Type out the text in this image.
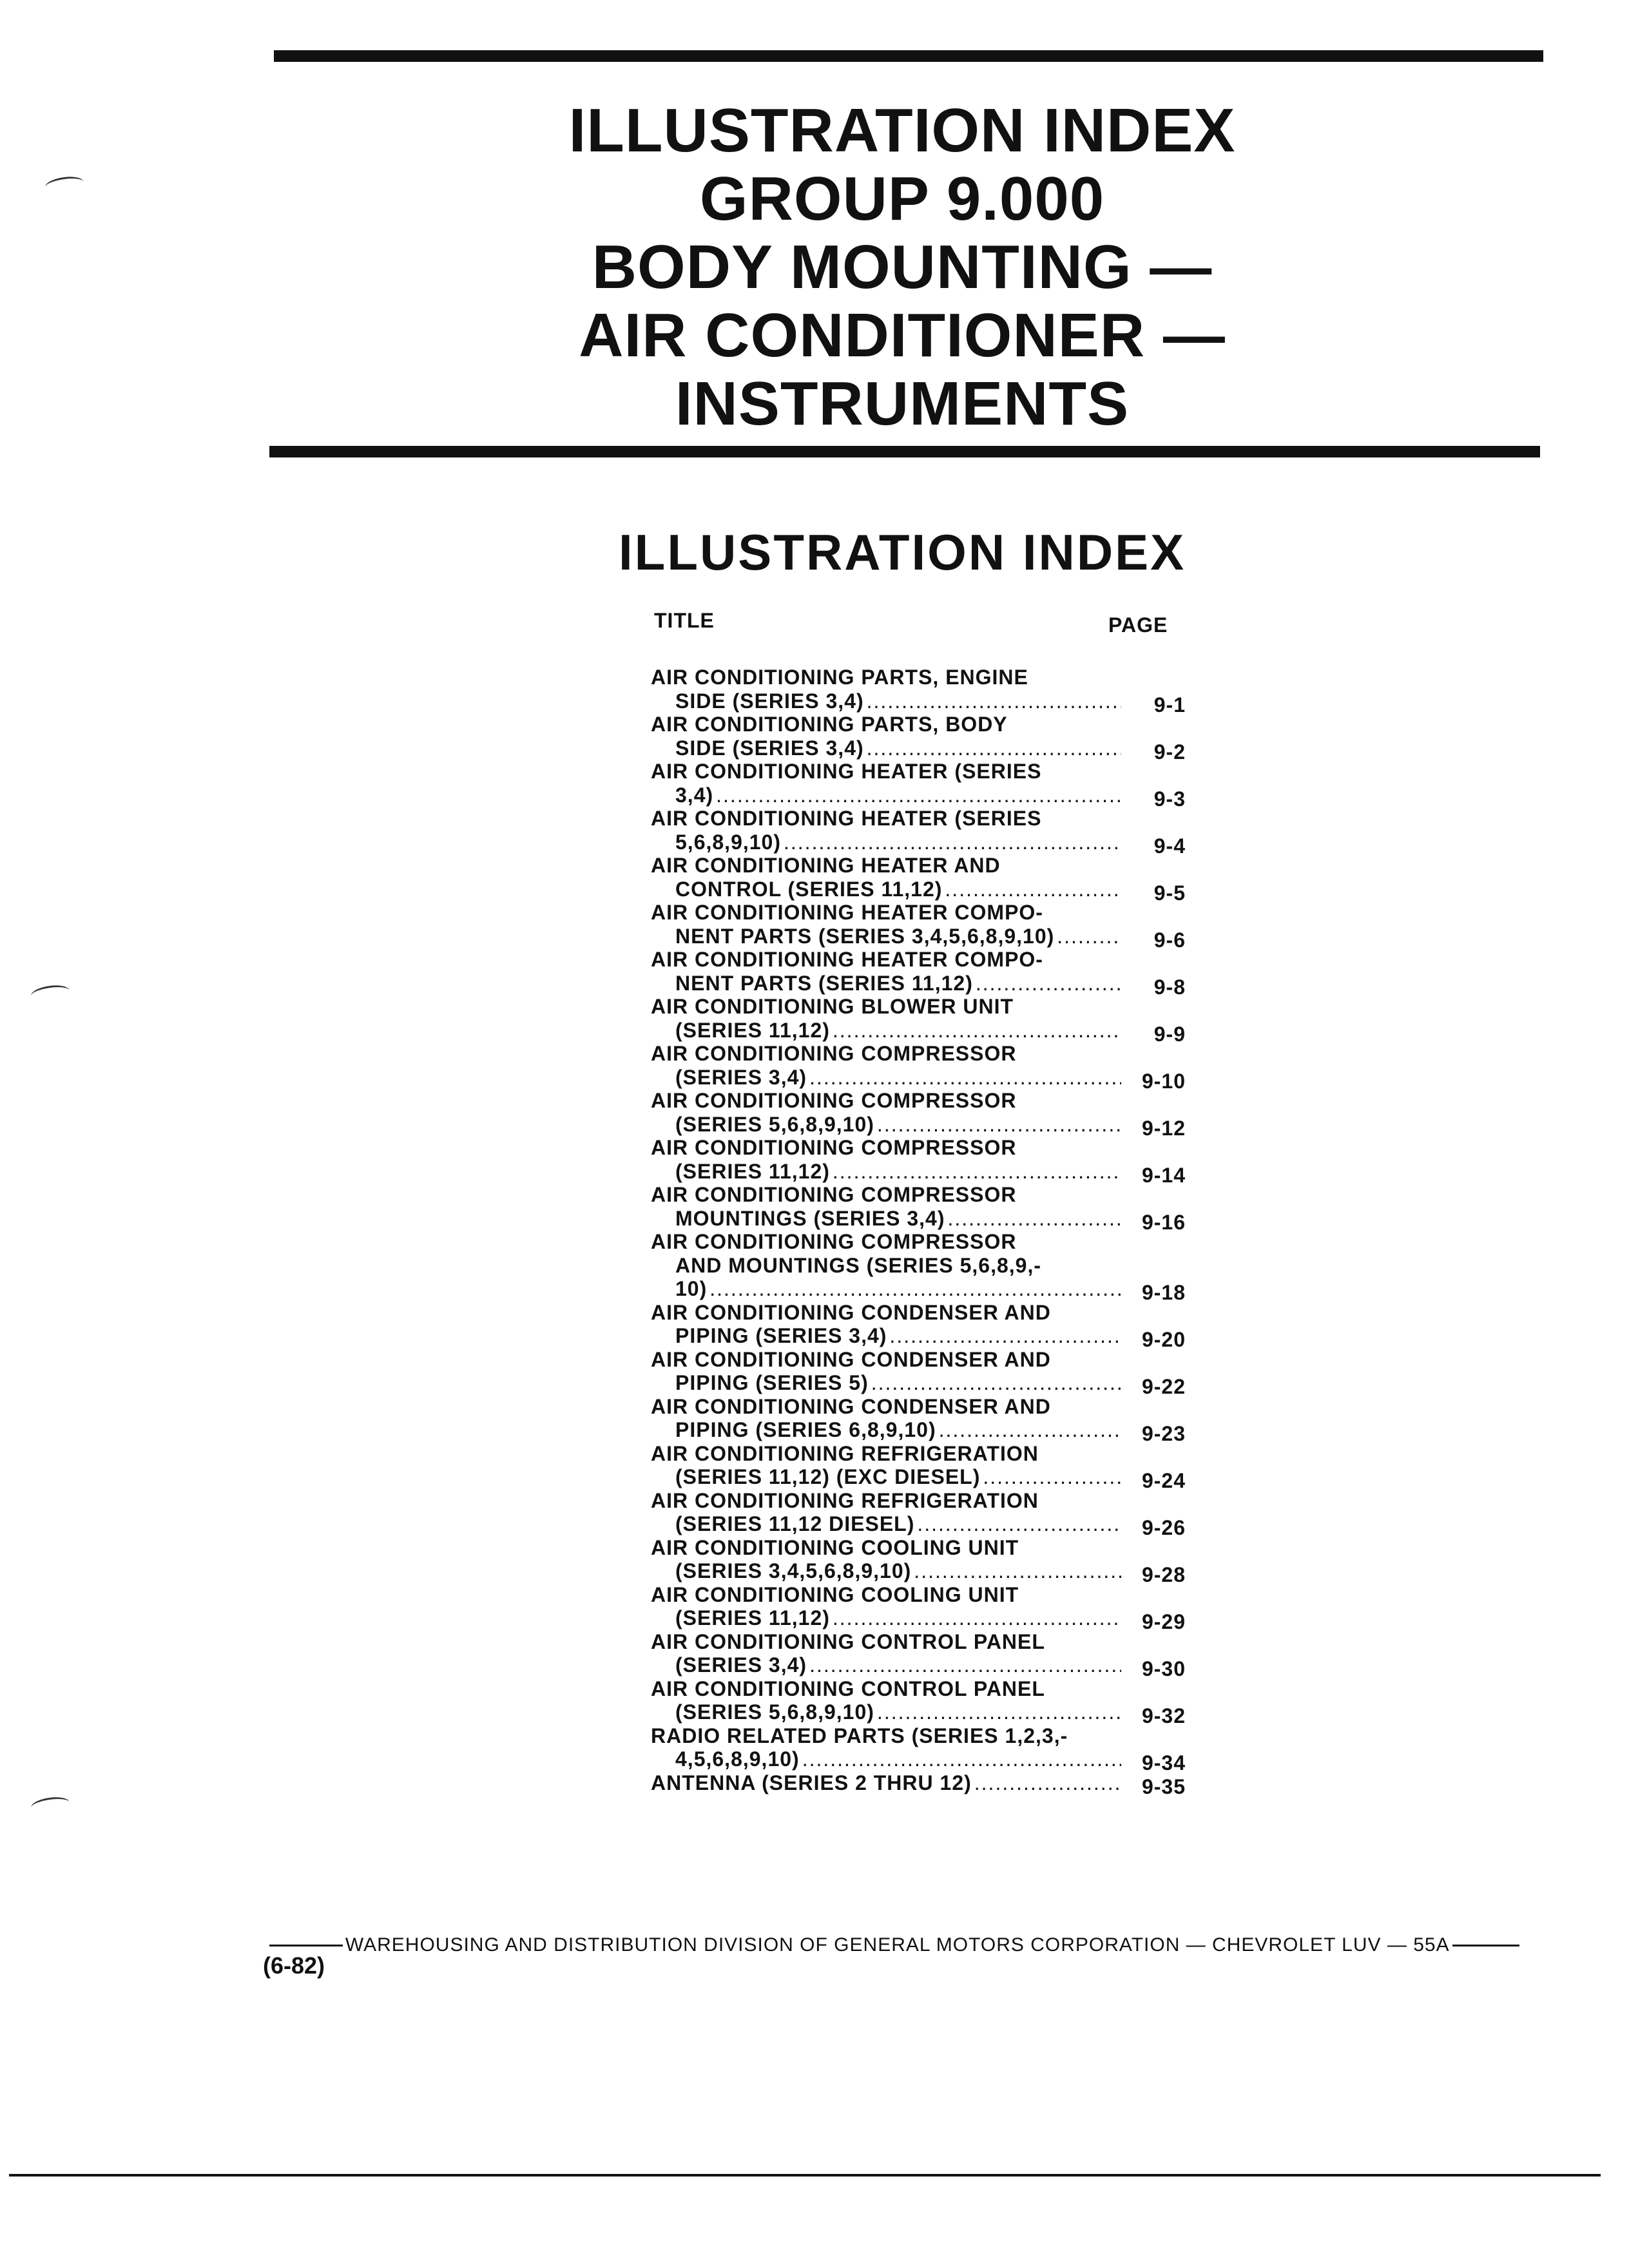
ILLUSTRATION INDEX
GROUP 9.000
BODY MOUNTING —
AIR CONDITIONER —
INSTRUMENTS
ILLUSTRATION INDEX
TITLE	PAGE
AIR CONDITIONING PARTS, ENGINE
SIDE (SERIES 3,4) .....	9-1
AIR CONDITIONING PARTS, BODY
SIDE (SERIES 3,4) .....	9-2
AIR CONDITIONING HEATER (SERIES
3,4) .....	9-3
AIR CONDITIONING HEATER (SERIES
5,6,8,9,10) .....	9-4
AIR CONDITIONING HEATER AND
CONTROL (SERIES 11,12) .....	9-5
AIR CONDITIONING HEATER COMPO-
NENT PARTS (SERIES 3,4,5,6,8,9,10) .....	9-6
AIR CONDITIONING HEATER COMPO-
NENT PARTS (SERIES 11,12) .....	9-8
AIR CONDITIONING BLOWER UNIT
(SERIES 11,12) .....	9-9
AIR CONDITIONING COMPRESSOR
(SERIES 3,4) .....	9-10
AIR CONDITIONING COMPRESSOR
(SERIES 5,6,8,9,10) .....	9-12
AIR CONDITIONING COMPRESSOR
(SERIES 11,12) .....	9-14
AIR CONDITIONING COMPRESSOR
MOUNTINGS (SERIES 3,4) .....	9-16
AIR CONDITIONING COMPRESSOR
AND MOUNTINGS (SERIES 5,6,8,9,-
10) .....	9-18
AIR CONDITIONING CONDENSER AND
PIPING (SERIES 3,4) .....	9-20
AIR CONDITIONING CONDENSER AND
PIPING (SERIES 5) .....	9-22
AIR CONDITIONING CONDENSER AND
PIPING (SERIES 6,8,9,10) .....	9-23
AIR CONDITIONING REFRIGERATION
(SERIES 11,12) (EXC DIESEL) .....	9-24
AIR CONDITIONING REFRIGERATION
(SERIES 11,12 DIESEL) .....	9-26
AIR CONDITIONING COOLING UNIT
(SERIES 3,4,5,6,8,9,10) .....	9-28
AIR CONDITIONING COOLING UNIT
(SERIES 11,12) .....	9-29
AIR CONDITIONING CONTROL PANEL
(SERIES 3,4) .....	9-30
AIR CONDITIONING CONTROL PANEL
(SERIES 5,6,8,9,10) .....	9-32
RADIO RELATED PARTS (SERIES 1,2,3,-
4,5,6,8,9,10) .....	9-34
ANTENNA (SERIES 2 THRU 12) .....	9-35
WAREHOUSING AND DISTRIBUTION DIVISION OF GENERAL MOTORS CORPORATION — CHEVROLET LUV — 55A
(6-82)
